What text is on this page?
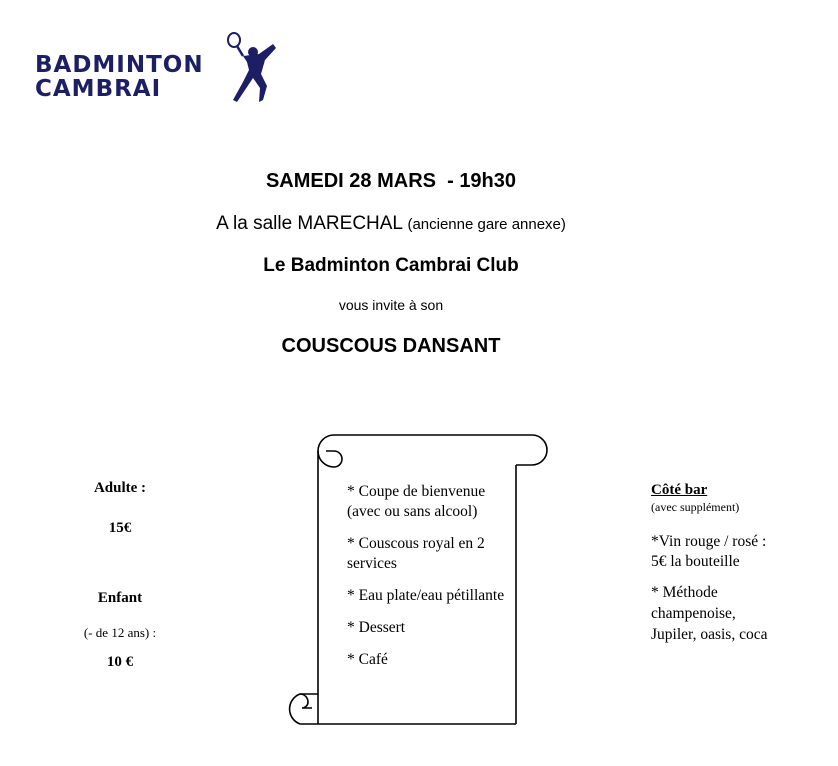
BADMINTON
CAMBRAI
SAMEDI 28 MARS  - 19h30
A la salle MARECHAL (ancienne gare annexe)
Le Badminton Cambrai Club
vous invite à son
COUSCOUS DANSANT
Adulte :
15€
Enfant
(- de 12 ans) :
10 €

* Coupe de bienvenue (avec ou sans alcool)

* Couscous royal en 2 services

* Eau plate/eau pétillante

* Dessert

* Café

Côté bar
(avec supplément)
*Vin rouge / rosé : 5€ la bouteille
* Méthode champenoise, Jupiler, oasis, coca
